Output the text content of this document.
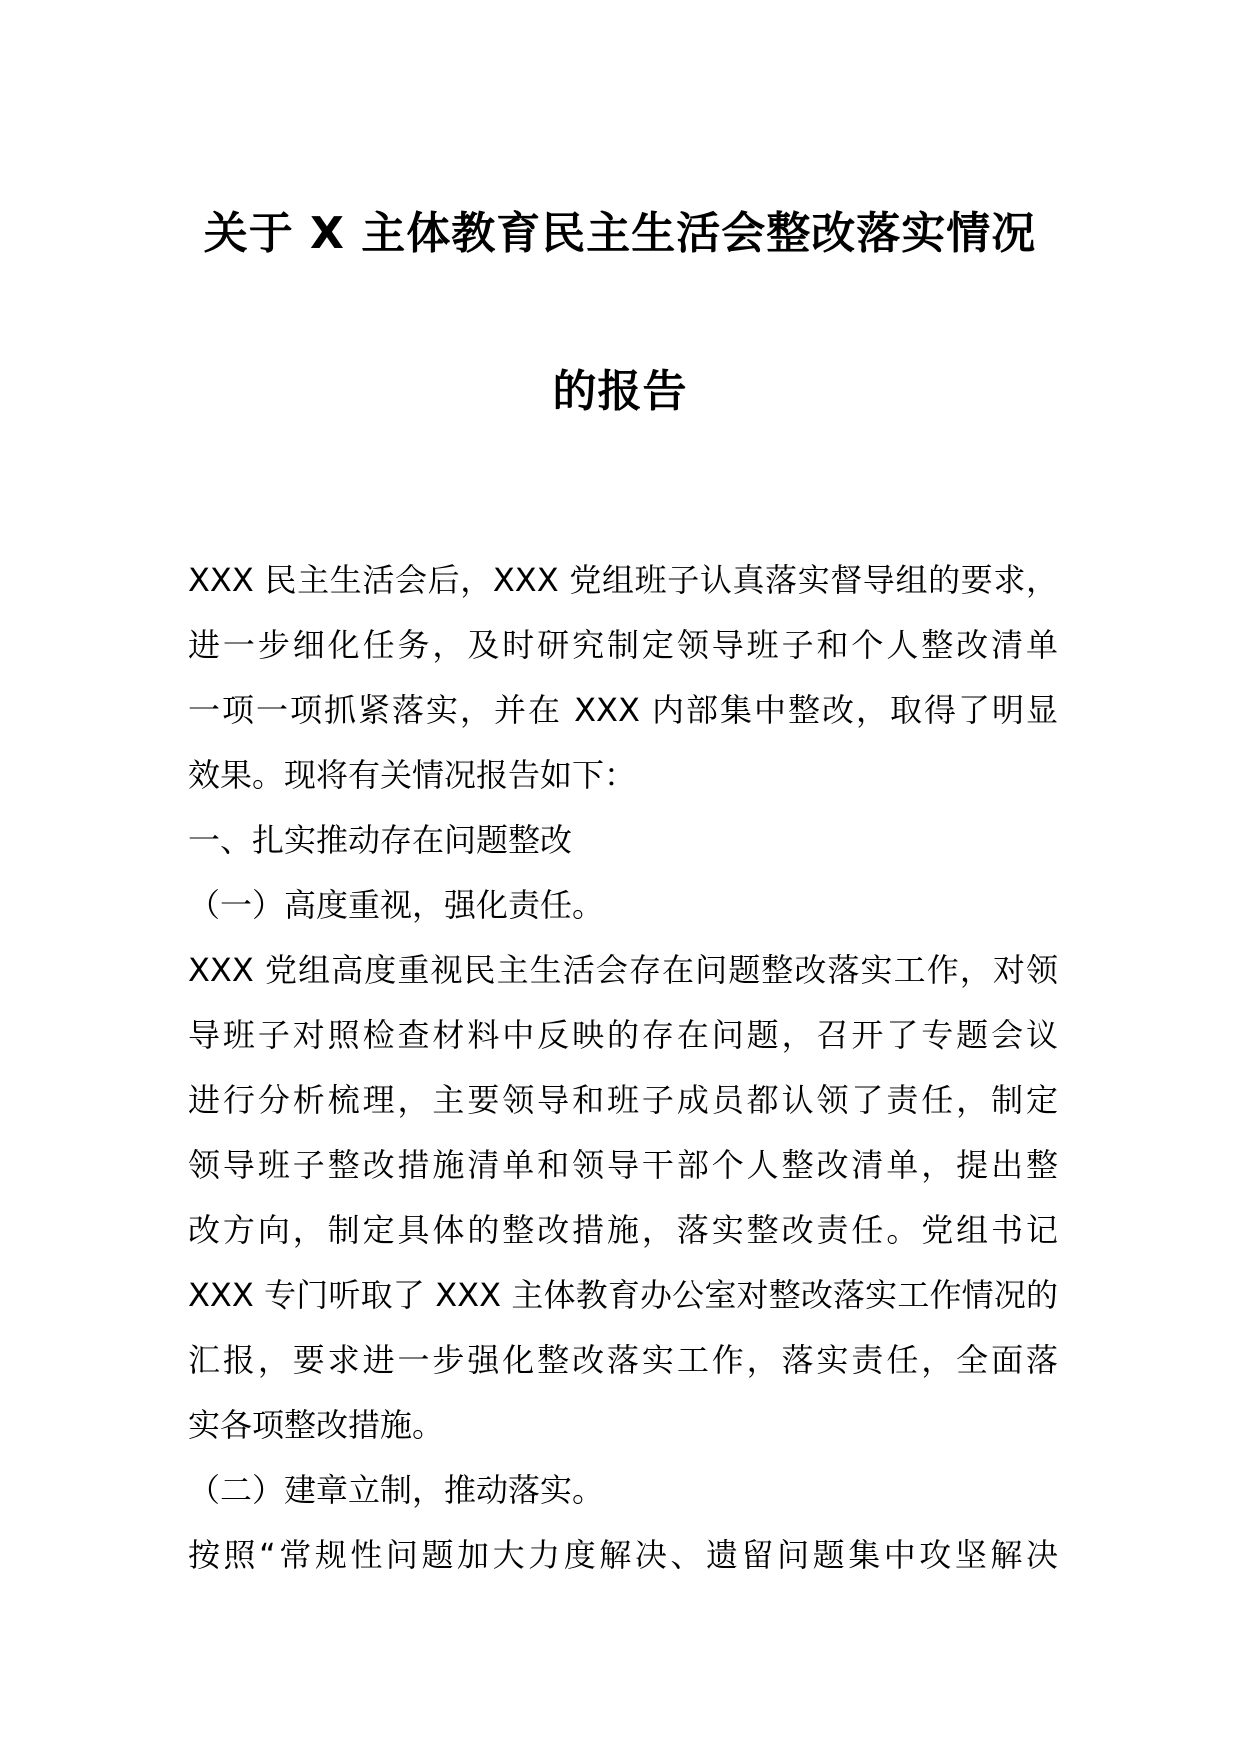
关于 X 主体教育民主生活会整改落实情况
的报告
XXX 民主生活会后，XXX 党组班子认真落实督导组的要求，
进一步细化任务，及时研究制定领导班子和个人整改清单
一项一项抓紧落实，并在 XXX 内部集中整改，取得了明显
效果。现将有关情况报告如下：
一、扎实推动存在问题整改
（一）高度重视，强化责任。
XXX 党组高度重视民主生活会存在问题整改落实工作，对领
导班子对照检查材料中反映的存在问题，召开了专题会议
进行分析梳理，主要领导和班子成员都认领了责任，制定
领导班子整改措施清单和领导干部个人整改清单，提出整
改方向，制定具体的整改措施，落实整改责任。党组书记
XXX 专门听取了 XXX 主体教育办公室对整改落实工作情况的
汇报，要求进一步强化整改落实工作，落实责任，全面落
实各项整改措施。
（二）建章立制，推动落实。
按照“常规性问题加大力度解决、遗留问题集中攻坚解决
